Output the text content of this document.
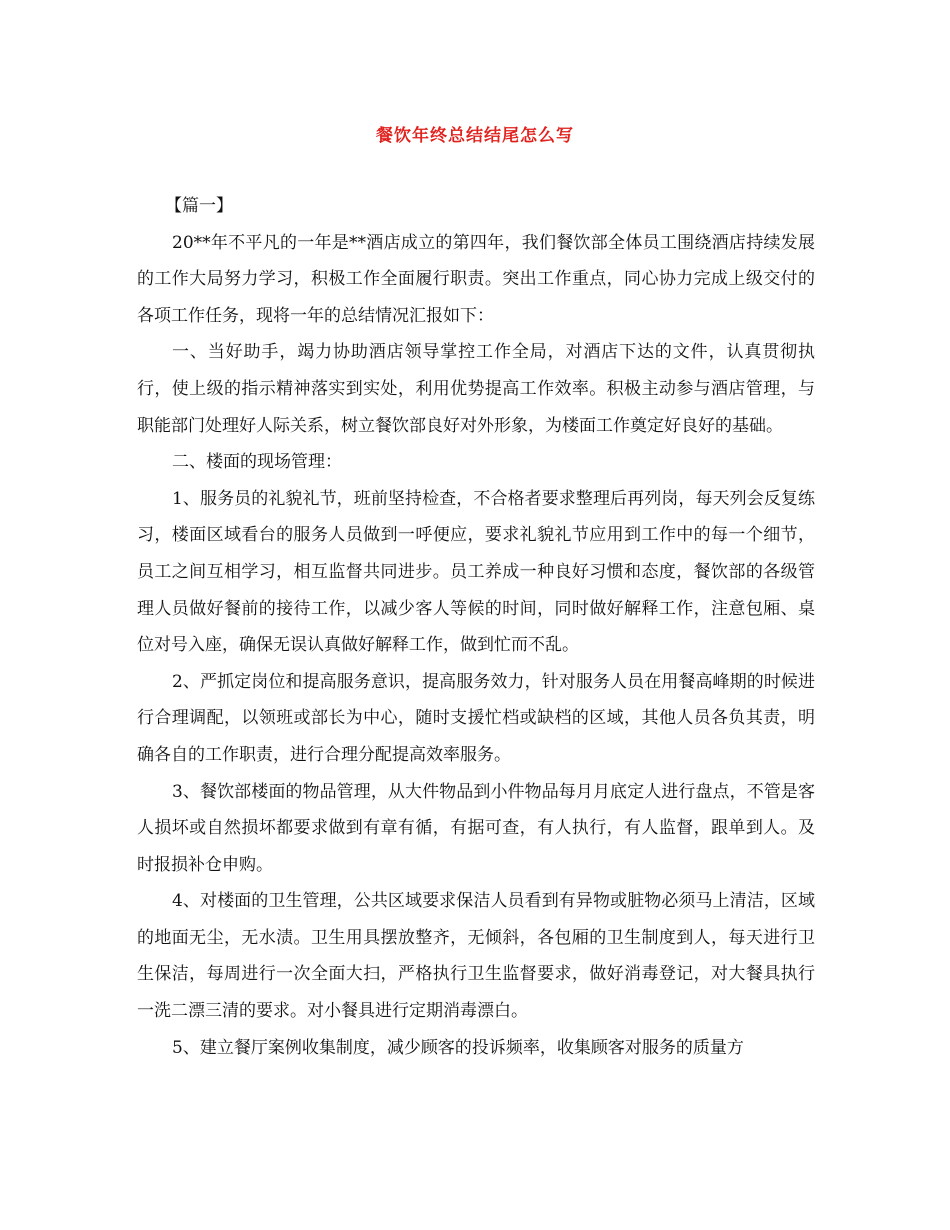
餐饮年终总结结尾怎么写

【篇一】

20**年不平凡的一年是**酒店成立的第四年，我们餐饮部全体员工围绕酒店持续发展的工作大局努力学习，积极工作全面履行职责。突出工作重点，同心协力完成上级交付的各项工作任务，现将一年的总结情况汇报如下：

一、当好助手，竭力协助酒店领导掌控工作全局，对酒店下达的文件，认真贯彻执行，使上级的指示精神落实到实处，利用优势提高工作效率。积极主动参与酒店管理，与职能部门处理好人际关系，树立餐饮部良好对外形象，为楼面工作奠定好良好的基础。

二、楼面的现场管理：

1、服务员的礼貌礼节，班前坚持检查，不合格者要求整理后再列岗，每天列会反复练习，楼面区域看台的服务人员做到一呼便应，要求礼貌礼节应用到工作中的每一个细节，员工之间互相学习，相互监督共同进步。员工养成一种良好习惯和态度，餐饮部的各级管理人员做好餐前的接待工作，以减少客人等候的时间，同时做好解释工作，注意包厢、桌位对号入座，确保无误认真做好解释工作，做到忙而不乱。

2、严抓定岗位和提高服务意识，提高服务效力，针对服务人员在用餐高峰期的时候进行合理调配，以领班或部长为中心，随时支援忙档或缺档的区域，其他人员各负其责，明确各自的工作职责，进行合理分配提高效率服务。

3、餐饮部楼面的物品管理，从大件物品到小件物品每月月底定人进行盘点，不管是客人损坏或自然损坏都要求做到有章有循，有据可查，有人执行，有人监督，跟单到人。及时报损补仓申购。

4、对楼面的卫生管理，公共区域要求保洁人员看到有异物或脏物必须马上清洁，区域的地面无尘，无水渍。卫生用具摆放整齐，无倾斜，各包厢的卫生制度到人，每天进行卫生保洁，每周进行一次全面大扫，严格执行卫生监督要求，做好消毒登记，对大餐具执行一洗二漂三清的要求。对小餐具进行定期消毒漂白。

5、建立餐厅案例收集制度，减少顾客的投诉频率，收集顾客对服务的质量方
